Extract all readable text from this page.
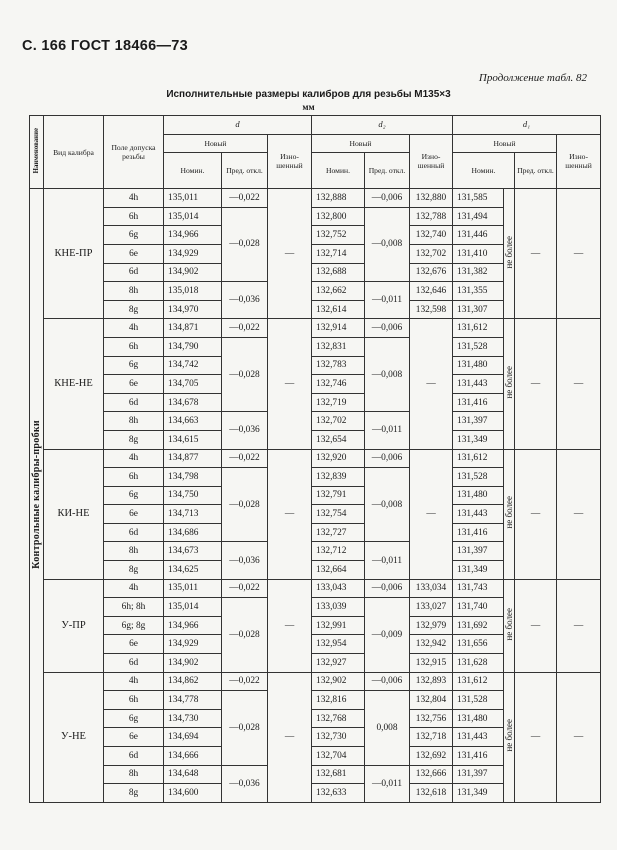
С. 166 ГОСТ 18466—73
Продолжение табл. 82
Исполнительные размеры калибров для резьбы М135×3
мм
Наименование	Вид калибра	Поле допуска резьбы	d			d₂			d₁			
			Новый		Изно-шенный	Новый		Изно-шенный	Новый			Изно-шенный
			Номин.	Пред. откл.		Номин.	Пред. откл.		Номин.		Пред. откл.	
Контрольные калибры-пробки	КНЕ-ПР	4h	135,011	—0,022	—	132,888	—0,006	132,880	131,585	не более	—	—
		6h	135,014	—0,028		132,800	—0,008	132,788	131,494			
		6g	134,966			132,752		132,740	131,446			
		6e	134,929			132,714		132,702	131,410			
		6d	134,902			132,688		132,676	131,382			
		8h	135,018	—0,036		132,662	—0,011	132,646	131,355			
		8g	134,970			132,614		132,598	131,307			
	КНЕ-НЕ	4h	134,871	—0,022	—	132,914	—0,006	—	131,612	не более	—	—
		6h	134,790	—0,028		132,831	—0,008		131,528			
		6g	134,742			132,783			131,480			
		6e	134,705			132,746			131,443			
		6d	134,678			132,719			131,416			
		8h	134,663	—0,036		132,702	—0,011		131,397			
		8g	134,615			132,654			131,349			
	КИ-НЕ	4h	134,877	—0,022	—	132,920	—0,006	—	131,612	не более	—	—
		6h	134,798	—0,028		132,839	—0,008		131,528			
		6g	134,750			132,791			131,480			
		6e	134,713			132,754			131,443			
		6d	134,686			132,727			131,416			
		8h	134,673	—0,036		132,712	—0,011		131,397			
		8g	134,625			132,664			131,349			
	У-ПР	4h	135,011	—0,022	—	133,043	—0,006	133,034	131,743	не более	—	—
		6h; 8h	135,014	—0,028		133,039	—0,009	133,027	131,740			
		6g; 8g	134,966			132,991		132,979	131,692			
		6e	134,929			132,954		132,942	131,656			
		6d	134,902			132,927		132,915	131,628			
	У-НЕ	4h	134,862	—0,022	—	132,902	—0,006	132,893	131,612	не более	—	—
		6h	134,778	—0,028		132,816	0,008	132,804	131,528			
		6g	134,730			132,768		132,756	131,480			
		6e	134,694			132,730		132,718	131,443			
		6d	134,666			132,704		132,692	131,416			
		8h	134,648	—0,036		132,681	—0,011	132,666	131,397			
		8g	134,600			132,633		132,618	131,349			
